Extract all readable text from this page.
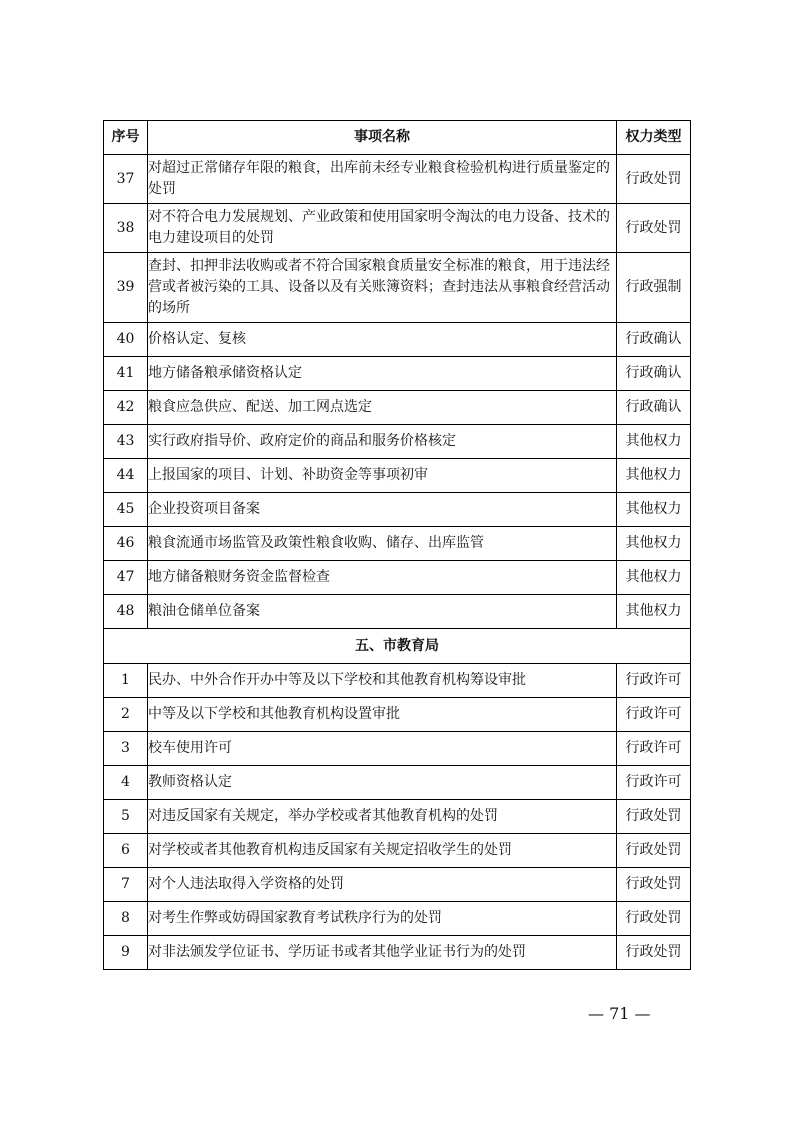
序号	事项名称	权力类型
37	对超过正常储存年限的粮食，出库前未经专业粮食检验机构进行质量鉴定的处罚	行政处罚
38	对不符合电力发展规划、产业政策和使用国家明令淘汰的电力设备、技术的电力建设项目的处罚	行政处罚
39	查封、扣押非法收购或者不符合国家粮食质量安全标准的粮食，用于违法经营或者被污染的工具、设备以及有关账簿资料；查封违法从事粮食经营活动的场所	行政强制
40	价格认定、复核	行政确认
41	地方储备粮承储资格认定	行政确认
42	粮食应急供应、配送、加工网点选定	行政确认
43	实行政府指导价、政府定价的商品和服务价格核定	其他权力
44	上报国家的项目、计划、补助资金等事项初审	其他权力
45	企业投资项目备案	其他权力
46	粮食流通市场监管及政策性粮食收购、储存、出库监管	其他权力
47	地方储备粮财务资金监督检查	其他权力
48	粮油仓储单位备案	其他权力
五、市教育局		
1	民办、中外合作开办中等及以下学校和其他教育机构筹设审批	行政许可
2	中等及以下学校和其他教育机构设置审批	行政许可
3	校车使用许可	行政许可
4	教师资格认定	行政许可
5	对违反国家有关规定，举办学校或者其他教育机构的处罚	行政处罚
6	对学校或者其他教育机构违反国家有关规定招收学生的处罚	行政处罚
7	对个人违法取得入学资格的处罚	行政处罚
8	对考生作弊或妨碍国家教育考试秩序行为的处罚	行政处罚
9	对非法颁发学位证书、学历证书或者其他学业证书行为的处罚	行政处罚
— 71 —
